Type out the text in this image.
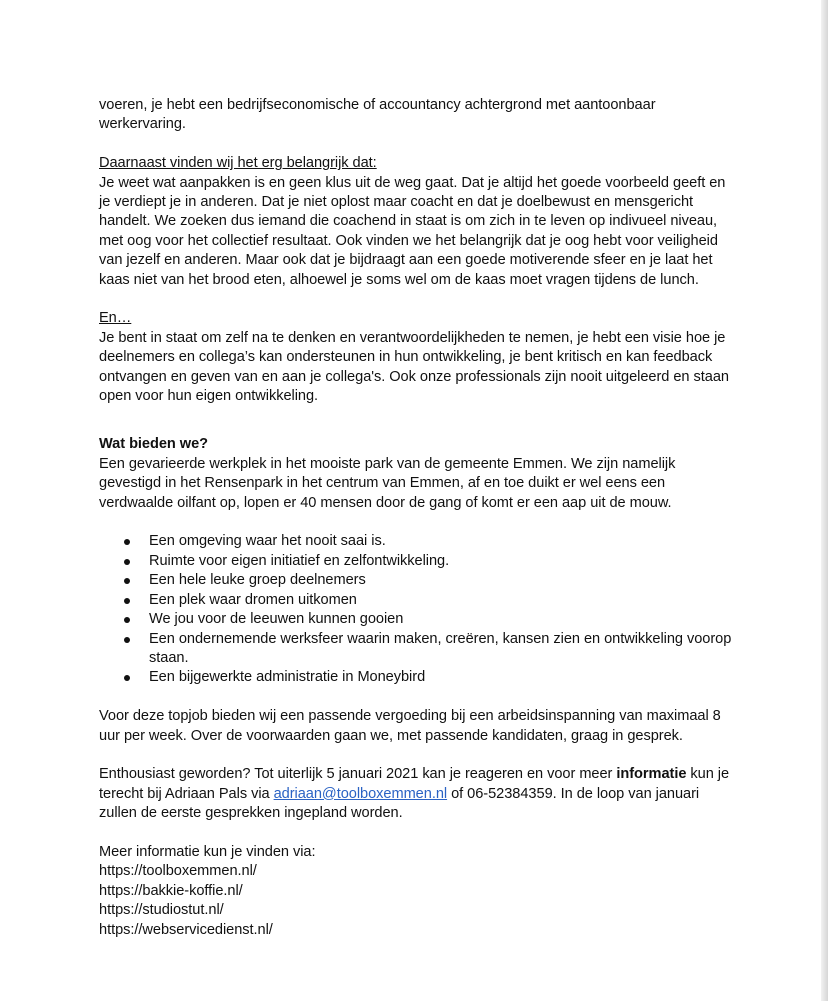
voeren, je hebt een bedrijfseconomische of accountancy achtergrond met aantoonbaar

werkervaring.

Daarnaast vinden wij het erg belangrijk dat:

Je weet wat aanpakken is en geen klus uit de weg gaat. Dat je altijd het goede voorbeeld geeft en je verdiept je in anderen. Dat je niet oplost maar coacht en dat je doelbewust en mensgericht handelt. We zoeken dus iemand die coachend in staat is om zich in te leven op indivueel niveau, met oog voor het collectief resultaat. Ook vinden we het belangrijk dat je oog hebt voor veiligheid van jezelf en anderen. Maar ook dat je bijdraagt aan een goede motiverende sfeer en je laat het kaas niet van het brood eten, alhoewel je soms wel om de kaas moet vragen tijdens de lunch.

En…

Je bent in staat om zelf na te denken en verantwoordelijkheden te nemen, je hebt een visie hoe je deelnemers en collega’s kan ondersteunen in hun ontwikkeling, je bent kritisch en kan feedback ontvangen en geven van en aan je collega's. Ook onze professionals zijn nooit uitgeleerd en staan open voor hun eigen ontwikkeling.

Wat bieden we?

Een gevarieerde werkplek in het mooiste park van de gemeente Emmen. We zijn namelijk gevestigd in het Rensenpark in het centrum van Emmen, af en toe duikt er wel eens een verdwaalde oilfant op, lopen er 40 mensen door de gang of komt er een aap uit de mouw.

Een omgeving waar het nooit saai is.
Ruimte voor eigen initiatief en zelfontwikkeling.
Een hele leuke groep deelnemers
Een plek waar dromen uitkomen
We jou voor de leeuwen kunnen gooien
Een ondernemende werksfeer waarin maken, creëren, kansen zien en ontwikkeling voorop staan.
Een bijgewerkte administratie in Moneybird

Voor deze topjob bieden wij een passende vergoeding bij een arbeidsinspanning van maximaal 8 uur per week. Over de voorwaarden gaan we, met passende kandidaten, graag in gesprek.

Enthousiast geworden? Tot uiterlijk 5 januari 2021 kan je reageren en voor meer informatie kun je terecht bij Adriaan Pals via adriaan@toolboxemmen.nl of 06-52384359. In de loop van januari zullen de eerste gesprekken ingepland worden.

Meer informatie kun je vinden via:

https://toolboxemmen.nl/

https://bakkie-koffie.nl/

https://studiostut.nl/

https://webservicedienst.nl/
